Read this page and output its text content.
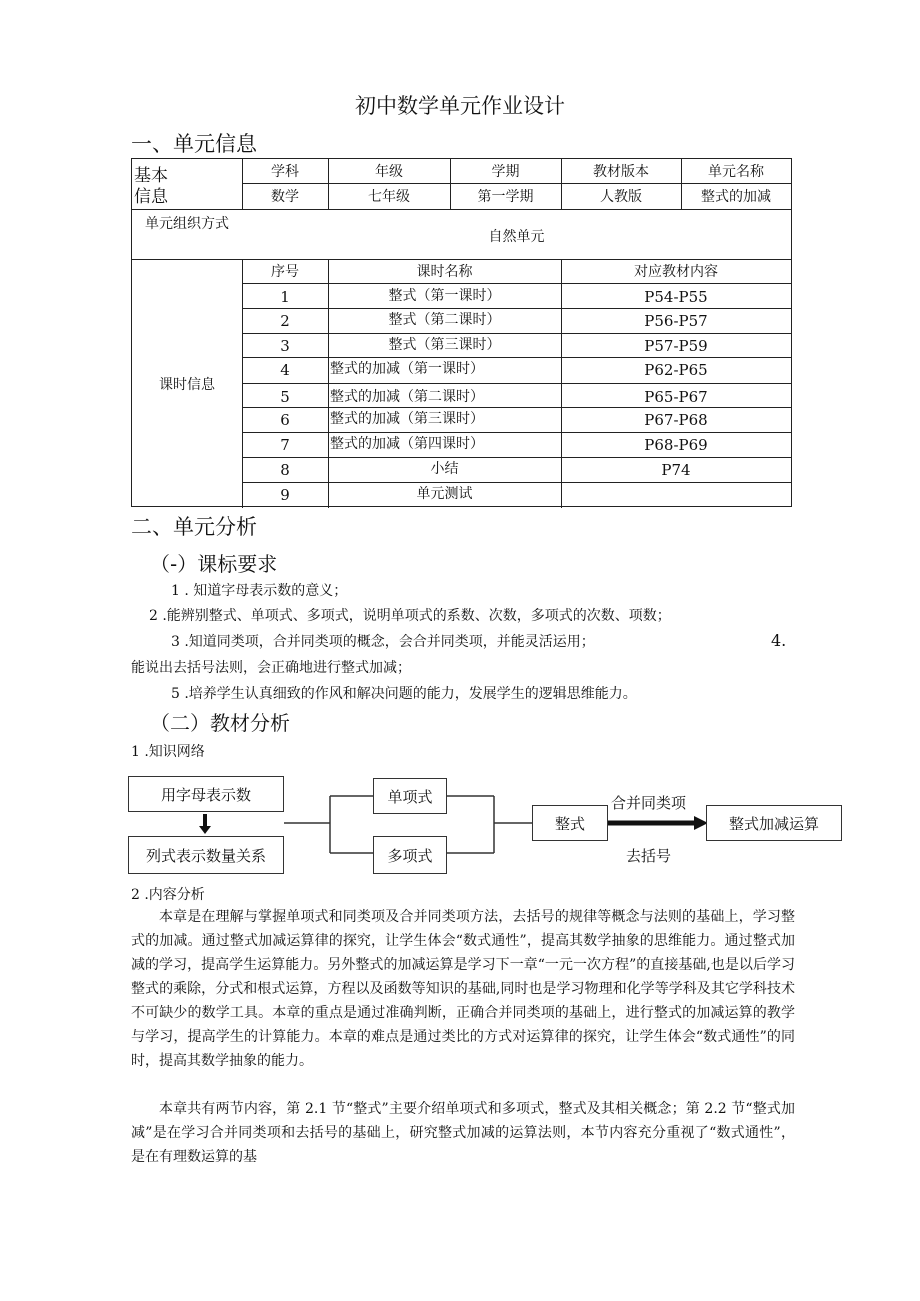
初中数学单元作业设计
一、单元信息
基本
信息
学科	年级	学期	教材版本	单元名称
数学	七年级	第一学期	人教版	整式的加减
单元组织方式
自然单元
课时信息
序号	课时名称	对应教材内容
1	整式（第一课时）	P54-P55
2	整式（第二课时）	P56-P57
3	整式（第三课时）	P57-P59
4	整式的加减（第一课时）	P62-P65
5	整式的加减（第二课时）	P65-P67
6	整式的加减（第三课时）	P67-P68
7	整式的加减（第四课时）	P68-P69
8	小结	P74
9	单元测试
二、单元分析
（-）课标要求
1 . 知道字母表示数的意义；
2 .能辨别整式、单项式、多项式，说明单项式的系数、次数，多项式的次数、项数；
3 .知道同类项，合并同类项的概念，会合并同类项，并能灵活运用；	4.
能说出去括号法则，会正确地进行整式加减；
5 .培养学生认真细致的作风和解决问题的能力，发展学生的逻辑思维能力。
（二）教材分析
1 .知识网络
用字母表示数
列式表示数量关系
单项式
多项式
整式	整式加减运算
合并同类项
去括号
2 .内容分析

本章是在理解与掌握单项式和同类项及合并同类项方法，去括号的规律等概念与法则的基础上，学习整式的加减。通过整式加减运算律的探究，让学生体会“数式通性”，提高其数学抽象的思维能力。通过整式加减的学习，提高学生运算能力。另外整式的加减运算是学习下一章“一元一次方程”的直接基础,也是以后学习整式的乘除，分式和根式运算，方程以及函数等知识的基础,同时也是学习物理和化学等学科及其它学科技术不可缺少的数学工具。本章的重点是通过准确判断，正确合并同类项的基础上，进行整式的加减运算的教学与学习，提高学生的计算能力。本章的难点是通过类比的方式对运算律的探究，让学生体会“数式通性”的同时，提高其数学抽象的能力。

本章共有两节内容，第 2.1 节“整式”主要介绍单项式和多项式，整式及其相关概念；第 2.2 节“整式加减”是在学习合并同类项和去括号的基础上，研究整式加减的运算法则，本节内容充分重视了“数式通性”，是在有理数运算的基
